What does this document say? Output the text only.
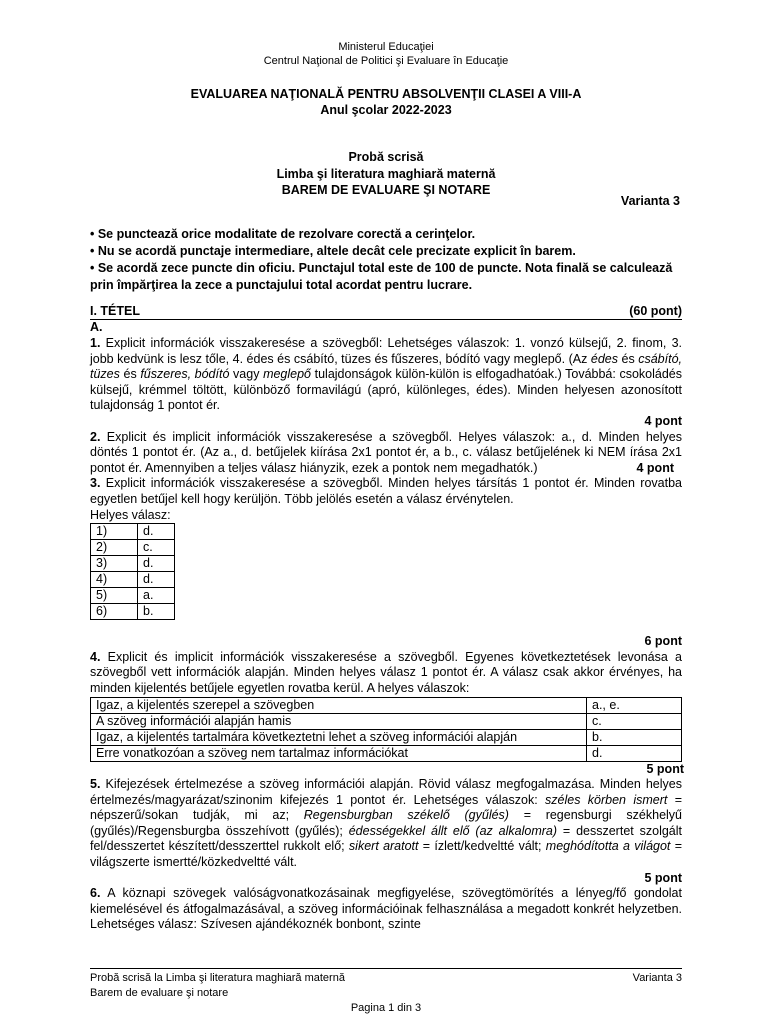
Ministerul Educaţiei
Centrul Naţional de Politici şi Evaluare în Educaţie
EVALUAREA NAŢIONALĂ PENTRU ABSOLVENŢII CLASEI A VIII-A
Anul şcolar 2022-2023
Probă scrisă
Limba şi literatura maghiară maternă
BAREM DE EVALUARE ŞI NOTARE
Varianta 3

• Se punctează orice modalitate de rezolvare corectă a cerinţelor.

• Nu se acordă punctaje intermediare, altele decât cele precizate explicit în barem.

• Se acordă zece puncte din oficiu. Punctajul total este de 100 de puncte. Nota finală se calculează prin împărţirea la zece a punctajului total acordat pentru lucrare.

I. TÉTEL	(60 pont)
A.

1. Explicit információk visszakeresése a szövegből: Lehetséges válaszok: 1. vonzó külsejű, 2. finom, 3. jobb kedvünk is lesz tőle, 4. édes és csábító, tüzes és fűszeres, bódító vagy meglepő. (Az édes és csábító, tüzes és fűszeres, bódító vagy meglepő tulajdonságok külön-külön is elfogadhatóak.) Továbbá: csokoládés külsejű, krémmel töltött, különböző formavilágú (apró, különleges, édes). Minden helyesen azonosított tulajdonság 1 pontot ér.

4 pont

2. Explicit és implicit információk visszakeresése a szövegből. Helyes válaszok: a., d. Minden helyes döntés 1 pontot ér. (Az a., d. betűjelek kiírása 2x1 pontot ér, a b., c. válasz betűjelének ki NEM írása 2x1 pontot ér. Amennyiben a teljes válasz hiányzik, ezek a pontok nem megadhatók.)	4 pont

3. Explicit információk visszakeresése a szövegből. Minden helyes társítás 1 pontot ér. Minden rovatba egyetlen betűjel kell hogy kerüljön. Több jelölés esetén a válasz érvénytelen.

Helyes válasz:

1)	d.
2)	c.
3)	d.
4)	d.
5)	a.
6)	b.
6 pont

4. Explicit és implicit információk visszakeresése a szövegből. Egyenes következtetések levonása a szövegből vett információk alapján. Minden helyes válasz 1 pontot ér. A válasz csak akkor érvényes, ha minden kijelentés betűjele egyetlen rovatba kerül. A helyes válaszok:

Igaz, a kijelentés szerepel a szövegben	a., e.
A szöveg információi alapján hamis	c.
Igaz, a kijelentés tartalmára következtetni lehet a szöveg információi alapján	b.
Erre vonatkozóan a szöveg nem tartalmaz információkat	d.
5 pont

5. Kifejezések értelmezése a szöveg információi alapján. Rövid válasz megfogalmazása. Minden helyes értelmezés/magyarázat/szinonim kifejezés 1 pontot ér. Lehetséges válaszok: széles körben ismert = népszerű/sokan tudják, mi az; Regensburgban székelő (gyűlés) = regensburgi székhelyű (gyűlés)/Regensburgba összehívott (gyűlés); édességekkel állt elő (az alkalomra) = desszertet szolgált fel/desszertet készített/desszerttel rukkolt elő; sikert aratott = ízlett/kedveltté vált; meghódította a világot = világszerte ismertté/közkedveltté vált.

5 pont

6. A köznapi szövegek valóságvonatkozásainak megfigyelése, szövegtömörítés a lényeg/fő gondolat kiemelésével és átfogalmazásával, a szöveg információinak felhasználása a megadott konkrét helyzetben. Lehetséges válasz: Szívesen ajándékoznék bonbont, szinte

Probă scrisă la Limba şi literatura maghiară maternă	Varianta 3
Barem de evaluare şi notare
Pagina 1 din 3
